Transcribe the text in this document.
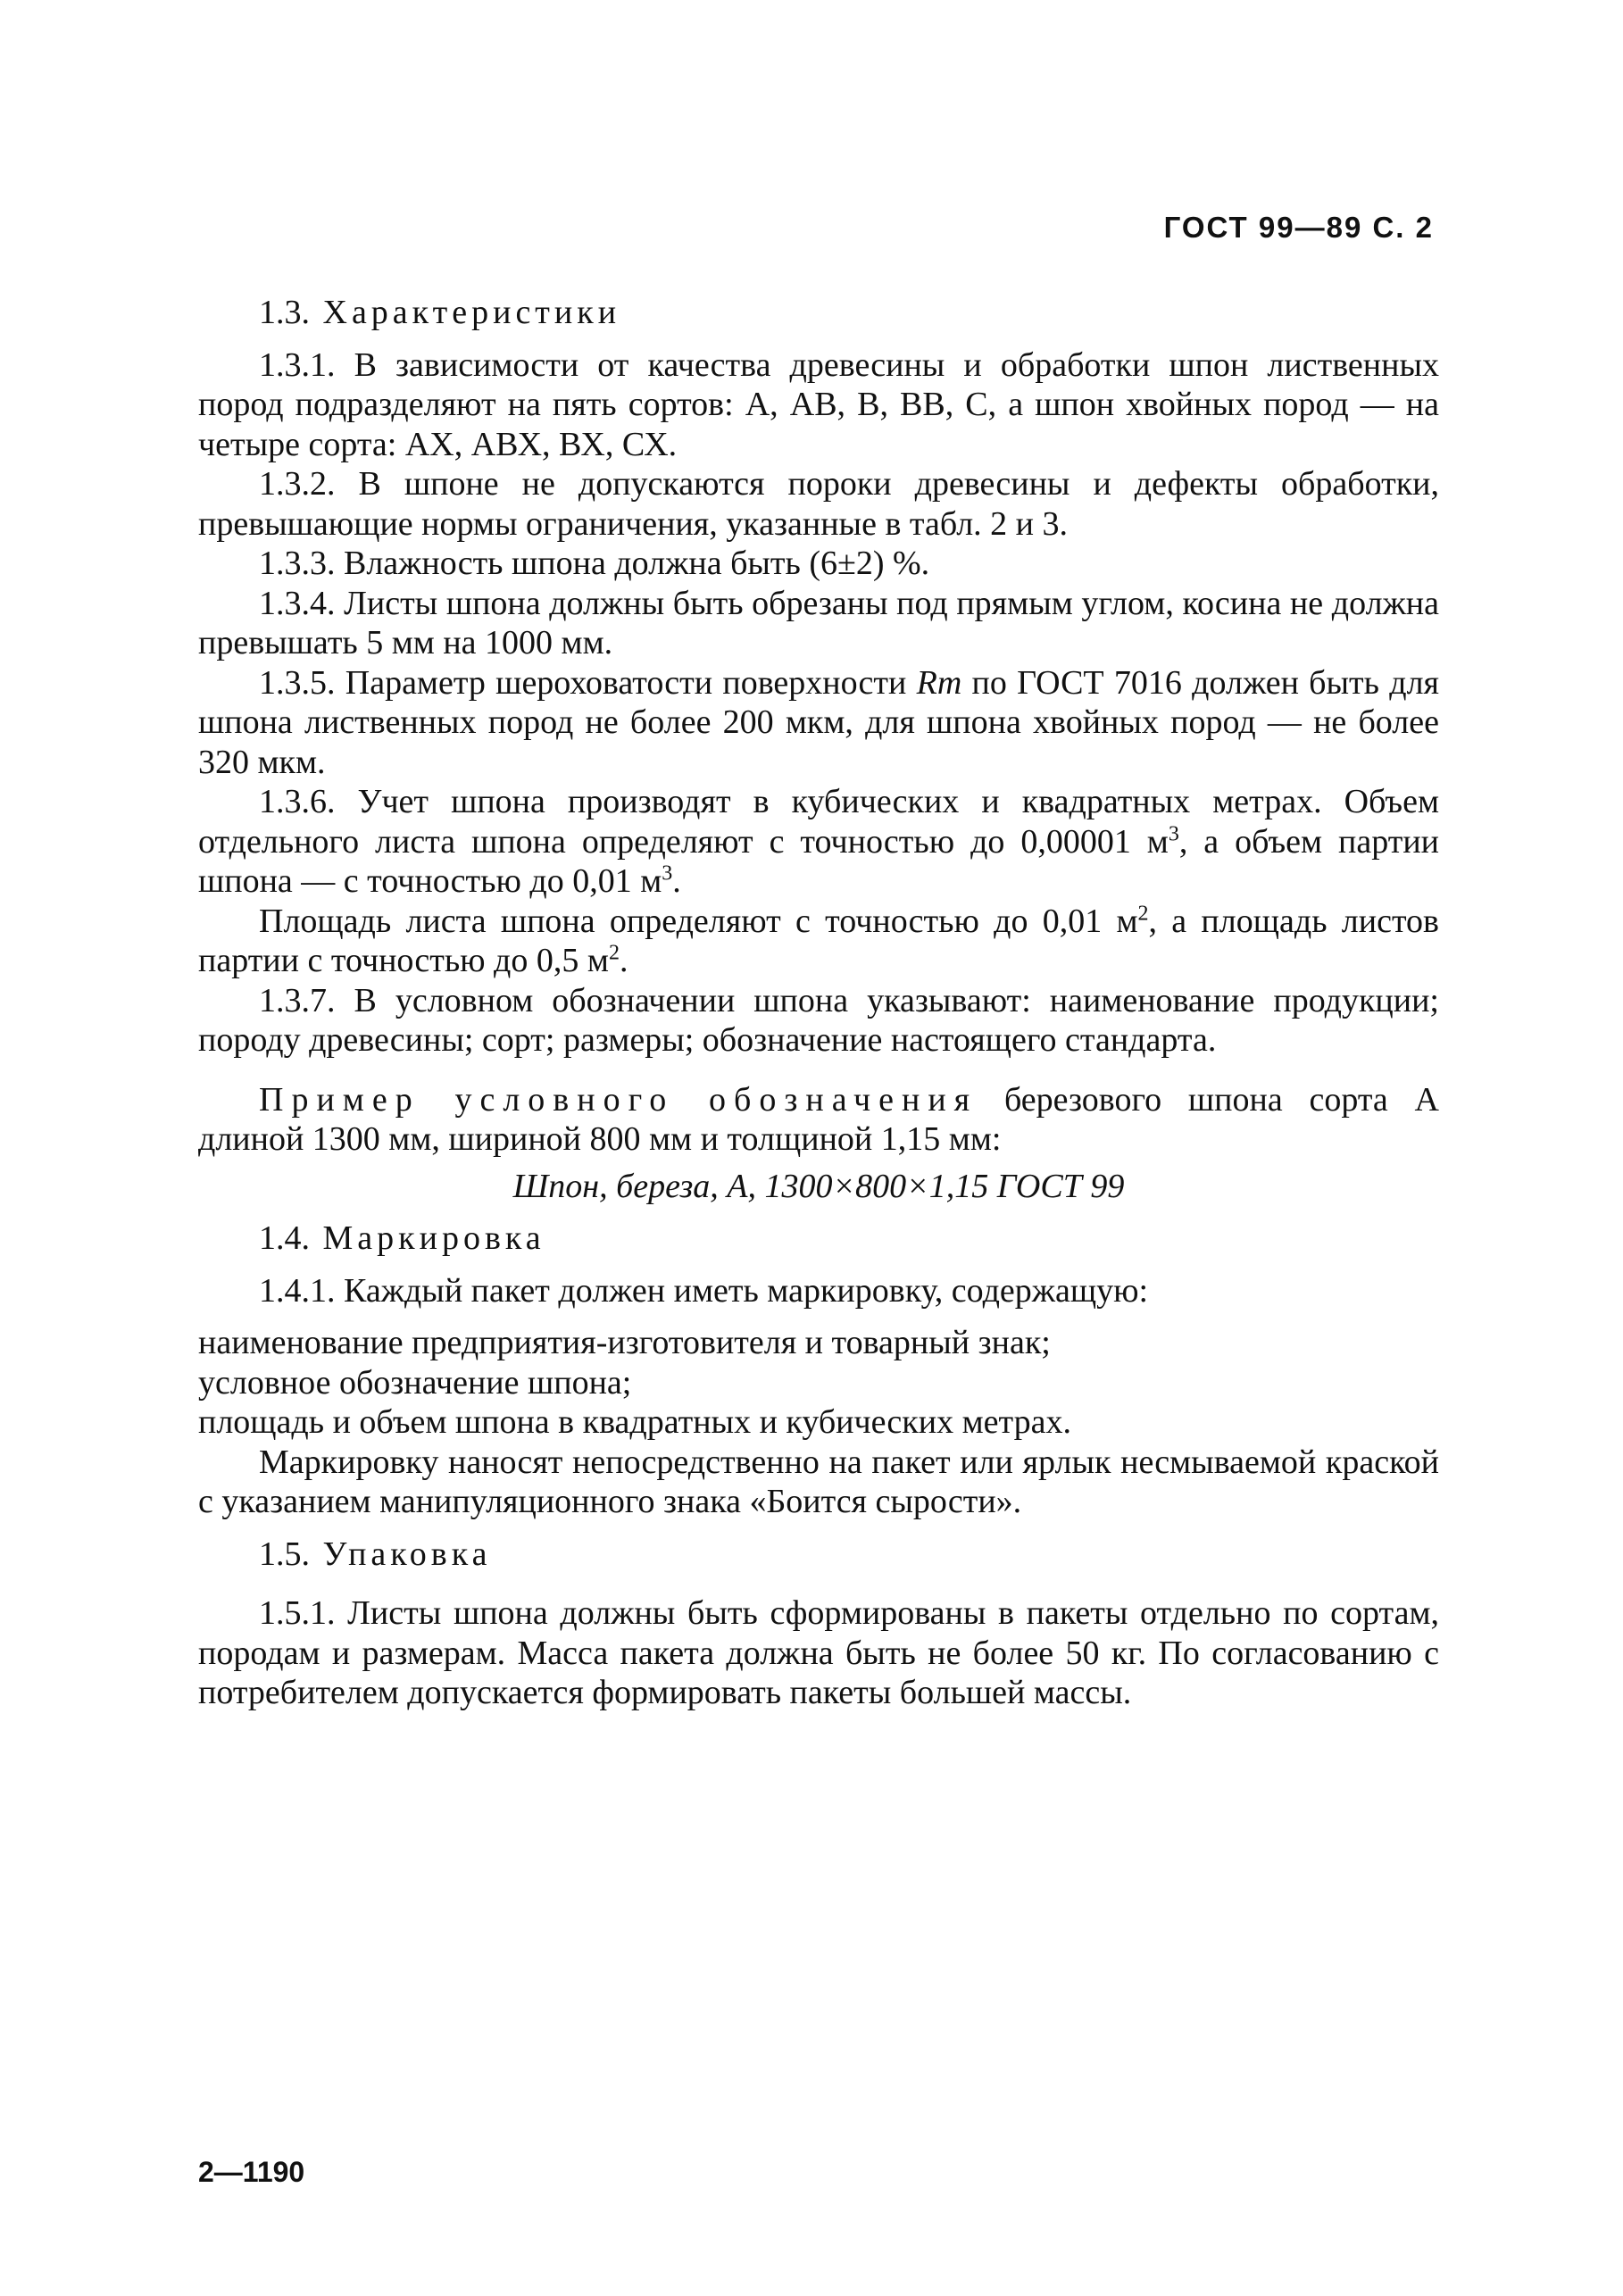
ГОСТ 99—89 С. 2

1.3. Характеристики

1.3.1. В зависимости от качества древесины и обработки шпон лиственных пород подразделяют на пять сортов: А, АВ, В, ВВ, С, а шпон хвойных пород — на четыре сорта: АХ, АВХ, ВХ, СХ.

1.3.2. В шпоне не допускаются пороки древесины и дефекты обработки, превышающие нормы ограничения, указанные в табл. 2 и 3.

1.3.3. Влажность шпона должна быть (6±2) %.

1.3.4. Листы шпона должны быть обрезаны под прямым углом, косина не должна превышать 5 мм на 1000 мм.

1.3.5. Параметр шероховатости поверхности Rm по ГОСТ 7016 должен быть для шпона лиственных пород не более 200 мкм, для шпона хвойных пород — не более 320 мкм.

1.3.6. Учет шпона производят в кубических и квадратных метрах. Объем отдельного листа шпона определяют с точностью до 0,00001 $м^3$, а объем партии шпона — с точностью до 0,01 $м^3$.

Площадь листа шпона определяют с точностью до 0,01 $м^2$, а площадь листов партии с точностью до 0,5 $м^2$.

1.3.7. В условном обозначении шпона указывают: наименование продукции; породу древесины; сорт; размеры; обозначение настоящего стандарта.

Пример условного обозначения березового шпона сорта А длиной 1300 мм, шириной 800 мм и толщиной 1,15 мм:

Шпон, береза, А, 1300×800×1,15 ГОСТ 99

1.4. Маркировка

1.4.1. Каждый пакет должен иметь маркировку, содержащую:

наименование предприятия-изготовителя и товарный знак;

условное обозначение шпона;

площадь и объем шпона в квадратных и кубических метрах.

Маркировку наносят непосредственно на пакет или ярлык несмываемой краской с указанием манипуляционного знака «Боится сырости».

1.5. Упаковка

1.5.1. Листы шпона должны быть сформированы в пакеты отдельно по сортам, породам и размерам. Масса пакета должна быть не более 50 кг. По согласованию с потребителем допускается формировать пакеты большей массы.

2—1190
